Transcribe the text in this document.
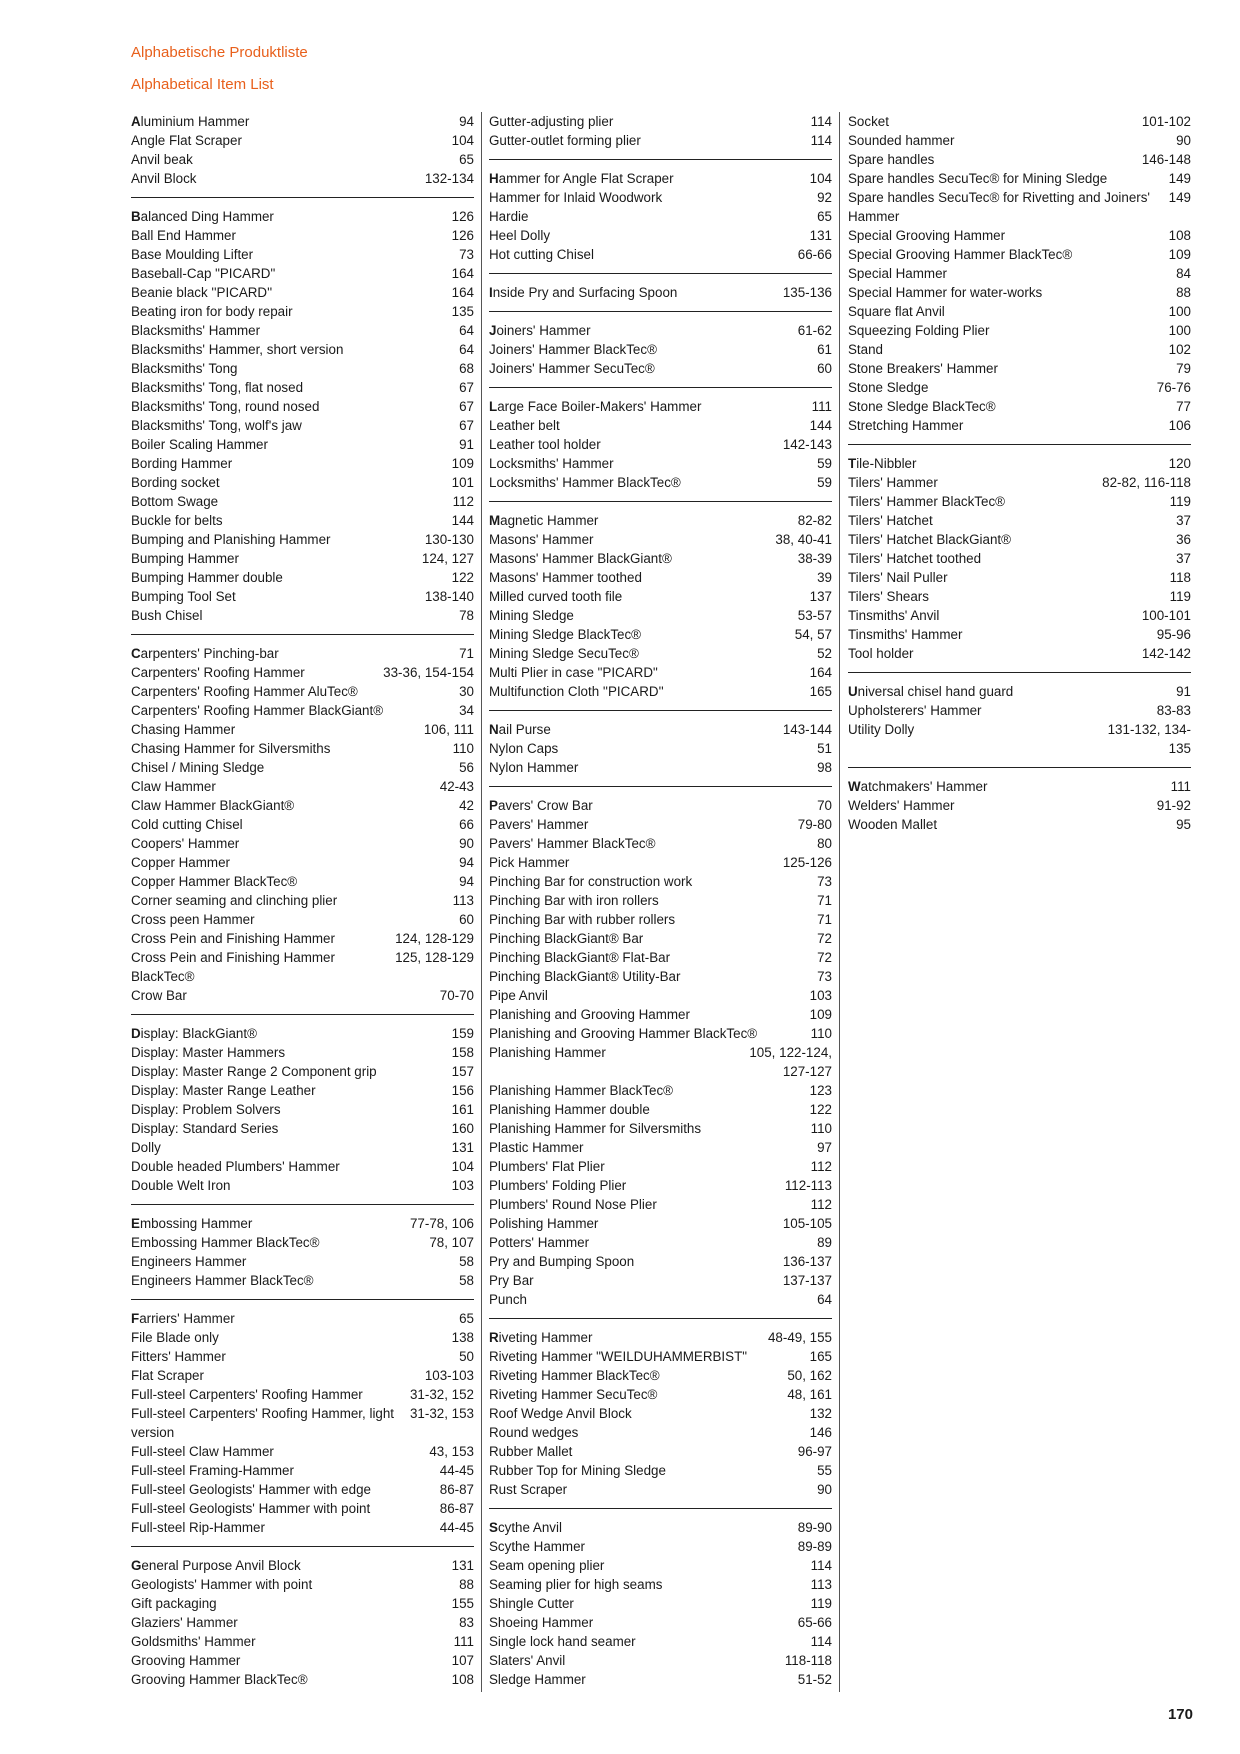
Alphabetische Produktliste
Alphabetical Item List
Aluminium Hammer	94
Angle Flat Scraper	104
Anvil beak	65
Anvil Block	132-134
Balanced Ding Hammer	126
Ball End Hammer	126
Base Moulding Lifter	73
Baseball-Cap "PICARD"	164
Beanie black ''PICARD''	164
Beating iron for body repair	135
Blacksmiths' Hammer	64
Blacksmiths' Hammer, short version	64
Blacksmiths' Tong	68
Blacksmiths' Tong, flat nosed	67
Blacksmiths' Tong, round nosed	67
Blacksmiths' Tong, wolf's jaw	67
Boiler Scaling Hammer	91
Bording Hammer	109
Bording socket	101
Bottom Swage	112
Buckle for belts	144
Bumping and Planishing Hammer	130-130
Bumping Hammer	124, 127
Bumping Hammer double	122
Bumping Tool Set	138-140
Bush Chisel	78
Carpenters' Pinching-bar	71
Carpenters' Roofing Hammer	33-36, 154-154
Carpenters' Roofing Hammer AluTec®	30
Carpenters' Roofing Hammer BlackGiant®	34
Chasing Hammer	106, 111
Chasing Hammer for Silversmiths	110
Chisel / Mining Sledge	56
Claw Hammer	42-43
Claw Hammer BlackGiant®	42
Cold cutting Chisel	66
Coopers' Hammer	90
Copper Hammer	94
Copper Hammer BlackTec®	94
Corner seaming and clinching plier	113
Cross peen Hammer	60
Cross Pein and Finishing Hammer	124, 128-129
Cross Pein and Finishing Hammer BlackTec®
125, 128-129
Crow Bar	70-70
Display: BlackGiant®	159
Display: Master Hammers	158
Display: Master Range 2 Component grip	157
Display: Master Range Leather	156
Display: Problem Solvers	161
Display: Standard Series	160
Dolly	131
Double headed Plumbers' Hammer	104
Double Welt Iron	103
Embossing Hammer	77-78, 106
Embossing Hammer BlackTec®	78, 107
Engineers Hammer	58
Engineers Hammer BlackTec®	58
Farriers' Hammer	65
File Blade only	138
Fitters' Hammer	50
Flat Scraper	103-103
Full-steel Carpenters' Roofing Hammer	31-32, 152
Full-steel Carpenters' Roofing Hammer, light version
31-32, 153
Full-steel Claw Hammer	43, 153
Full-steel Framing-Hammer	44-45
Full-steel Geologists' Hammer with edge	86-87
Full-steel Geologists' Hammer with point	86-87
Full-steel Rip-Hammer	44-45
General Purpose Anvil Block	131
Geologists' Hammer with point	88
Gift packaging	155
Glaziers' Hammer	83
Goldsmiths' Hammer	111
Grooving Hammer	107
Grooving Hammer BlackTec®	108
Gutter-adjusting plier	114
Gutter-outlet forming plier	114
Hammer for Angle Flat Scraper	104
Hammer for Inlaid Woodwork	92
Hardie	65
Heel Dolly	131
Hot cutting Chisel	66-66
Inside Pry and Surfacing Spoon	135-136
Joiners' Hammer	61-62
Joiners' Hammer BlackTec®	61
Joiners' Hammer SecuTec®	60
Large Face Boiler-Makers' Hammer	111
Leather belt	144
Leather tool holder	142-143
Locksmiths' Hammer	59
Locksmiths' Hammer BlackTec®	59
Magnetic Hammer	82-82
Masons' Hammer	38, 40-41
Masons' Hammer BlackGiant®	38-39
Masons' Hammer toothed	39
Milled curved tooth file	137
Mining Sledge	53-57
Mining Sledge BlackTec®	54, 57
Mining Sledge SecuTec®	52
Multi Plier in case "PICARD"	164
Multifunction Cloth ''PICARD''	165
Nail Purse	143-144
Nylon Caps	51
Nylon Hammer	98
Pavers' Crow Bar	70
Pavers' Hammer	79-80
Pavers' Hammer BlackTec®	80
Pick Hammer	125-126
Pinching Bar for construction work	73
Pinching Bar with iron rollers	71
Pinching Bar with rubber rollers	71
Pinching BlackGiant® Bar	72
Pinching BlackGiant® Flat-Bar	72
Pinching BlackGiant® Utility-Bar	73
Pipe Anvil	103
Planishing and Grooving Hammer	109
Planishing and Grooving Hammer BlackTec®	110
Planishing Hammer	105, 122-124, 127-127
Planishing Hammer BlackTec®	123
Planishing Hammer double	122
Planishing Hammer for Silversmiths	110
Plastic Hammer	97
Plumbers' Flat Plier	112
Plumbers' Folding Plier	112-113
Plumbers' Round Nose Plier	112
Polishing Hammer	105-105
Potters' Hammer	89
Pry and Bumping Spoon	136-137
Pry Bar	137-137
Punch	64
Riveting Hammer	48-49, 155
Riveting Hammer "WEILDUHAMMERBIST"	165
Riveting Hammer BlackTec®	50, 162
Riveting Hammer SecuTec®	48, 161
Roof Wedge Anvil Block	132
Round wedges	146
Rubber Mallet	96-97
Rubber Top for Mining Sledge	55
Rust Scraper	90
Scythe Anvil	89-90
Scythe Hammer	89-89
Seam opening plier	114
Seaming plier for high seams	113
Shingle Cutter	119
Shoeing Hammer	65-66
Single lock hand seamer	114
Slaters' Anvil	118-118
Sledge Hammer	51-52
Socket	101-102
Sounded hammer	90
Spare handles	146-148
Spare handles SecuTec® for Mining Sledge	149
Spare handles SecuTec® for Rivetting and Joiners' Hammer
149
Special Grooving Hammer	108
Special Grooving Hammer BlackTec®	109
Special Hammer	84
Special Hammer for water-works	88
Square flat Anvil	100
Squeezing Folding Plier	100
Stand	102
Stone Breakers' Hammer	79
Stone Sledge	76-76
Stone Sledge BlackTec®	77
Stretching Hammer	106
Tile-Nibbler	120
Tilers' Hammer	82-82, 116-118
Tilers' Hammer BlackTec®	119
Tilers' Hatchet	37
Tilers' Hatchet BlackGiant®	36
Tilers' Hatchet toothed	37
Tilers' Nail Puller	118
Tilers' Shears	119
Tinsmiths' Anvil	100-101
Tinsmiths' Hammer	95-96
Tool holder	142-142
Universal chisel hand guard	91
Upholsterers' Hammer	83-83
Utility Dolly	131-132, 134-135
Watchmakers' Hammer	111
Welders' Hammer	91-92
Wooden Mallet	95
170
